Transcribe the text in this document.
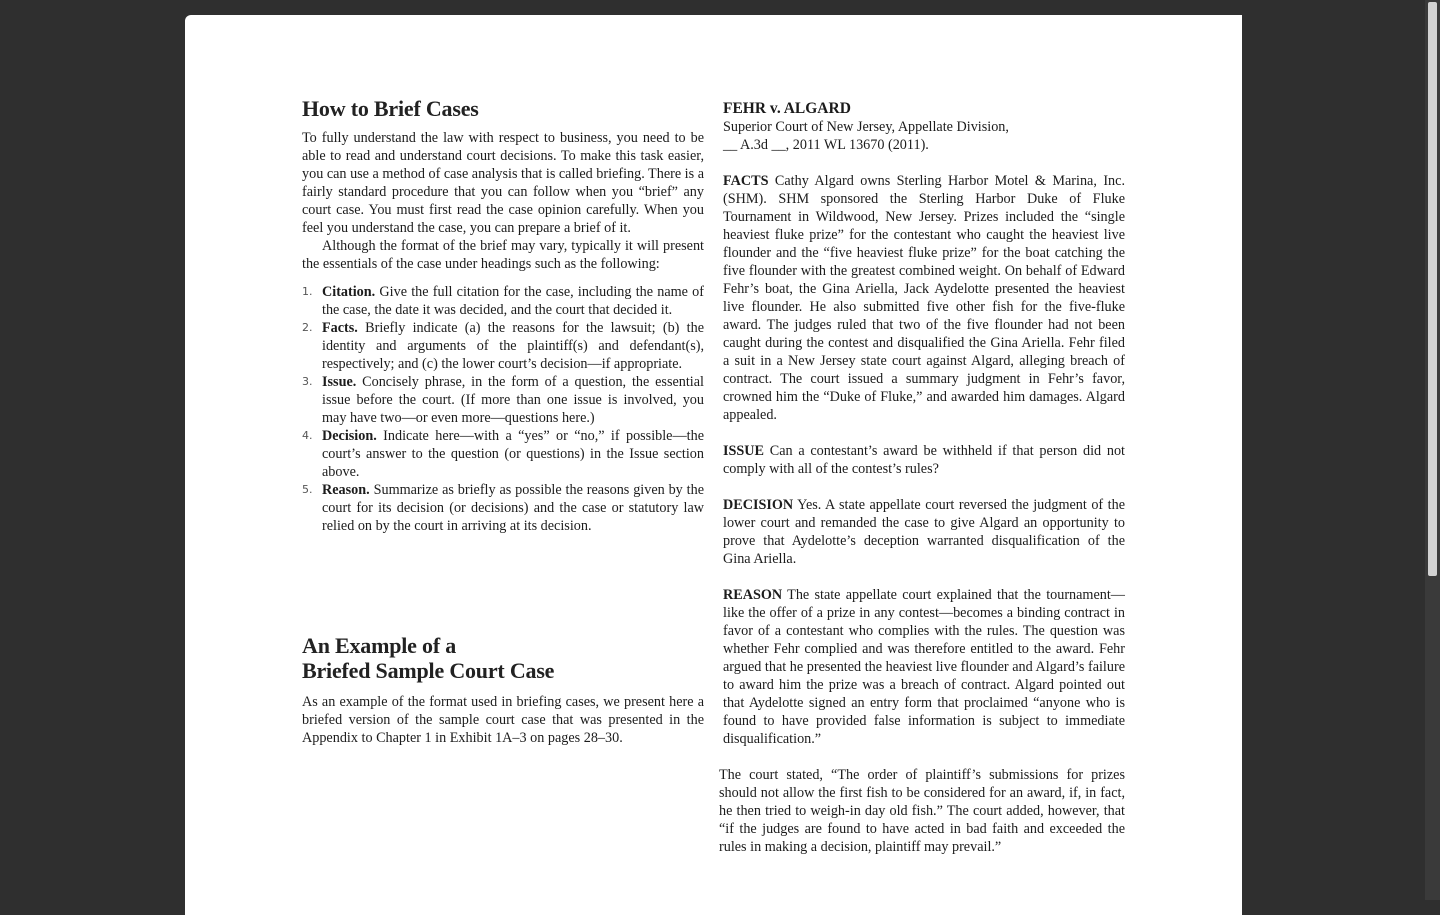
How to Brief Cases

To fully understand the law with respect to business, you need to be able to read and understand court decisions. To make this task easier, you can use a method of case analysis that is called briefing. There is a fairly standard procedure that you can follow when you “brief” any court case. You must first read the case opinion carefully. When you feel you understand the case, you can prepare a brief of it.

Although the format of the brief may vary, typically it will present the essentials of the case under headings such as the following:

1. Citation. Give the full citation for the case, including the name of the case, the date it was decided, and the court that decided it.
2. Facts. Briefly indicate (a) the reasons for the lawsuit; (b) the identity and arguments of the plaintiff(s) and defendant(s), respectively; and (c) the lower court’s decision—if appropriate.
3. Issue. Concisely phrase, in the form of a question, the essential issue before the court. (If more than one issue is involved, you may have two—or even more—questions here.)
4. Decision. Indicate here—with a “yes” or “no,” if possible—the court’s answer to the question (or questions) in the Issue section above.
5. Reason. Summarize as briefly as possible the reasons given by the court for its decision (or decisions) and the case or statutory law relied on by the court in arriving at its decision.
An Example of a
Briefed Sample Court Case

As an example of the format used in briefing cases, we present here a briefed version of the sample court case that was presented in the Appendix to Chapter 1 in Exhibit 1A–3 on pages 28–30.

FEHR v. ALGARD

Superior Court of New Jersey, Appellate Division,

__ A.3d __, 2011 WL 13670 (2011).

FACTS Cathy Algard owns Sterling Harbor Motel & Marina, Inc. (SHM). SHM sponsored the Sterling Harbor Duke of Fluke Tournament in Wildwood, New Jersey. Prizes included the “single heaviest fluke prize” for the contestant who caught the heaviest live flounder and the “five heaviest fluke prize” for the boat catching the five flounder with the greatest combined weight. On behalf of Edward Fehr’s boat, the Gina Ariella, Jack Aydelotte presented the heaviest live flounder. He also submitted five other fish for the five-fluke award. The judges ruled that two of the five flounder had not been caught during the contest and disqualified the Gina Ariella. Fehr filed a suit in a New Jersey state court against Algard, alleging breach of contract. The court issued a summary judgment in Fehr’s favor, crowned him the “Duke of Fluke,” and awarded him damages. Algard appealed.

ISSUE Can a contestant’s award be withheld if that person did not comply with all of the contest’s rules?

DECISION Yes. A state appellate court reversed the judgment of the lower court and remanded the case to give Algard an opportunity to prove that Aydelotte’s deception warranted disqualification of the Gina Ariella.

REASON The state appellate court explained that the tournament—like the offer of a prize in any contest—becomes a binding contract in favor of a contestant who complies with the rules. The question was whether Fehr complied and was therefore entitled to the award. Fehr argued that he presented the heaviest live flounder and Algard’s failure to award him the prize was a breach of contract. Algard pointed out that Aydelotte signed an entry form that proclaimed “anyone who is found to have provided false information is subject to immediate disqualification.”

The court stated, “The order of plaintiff’s submissions for prizes should not allow the first fish to be considered for an award, if, in fact, he then tried to weigh-in day old fish.” The court added, however, that “if the judges are found to have acted in bad faith and exceeded the rules in making a decision, plaintiff may prevail.”
